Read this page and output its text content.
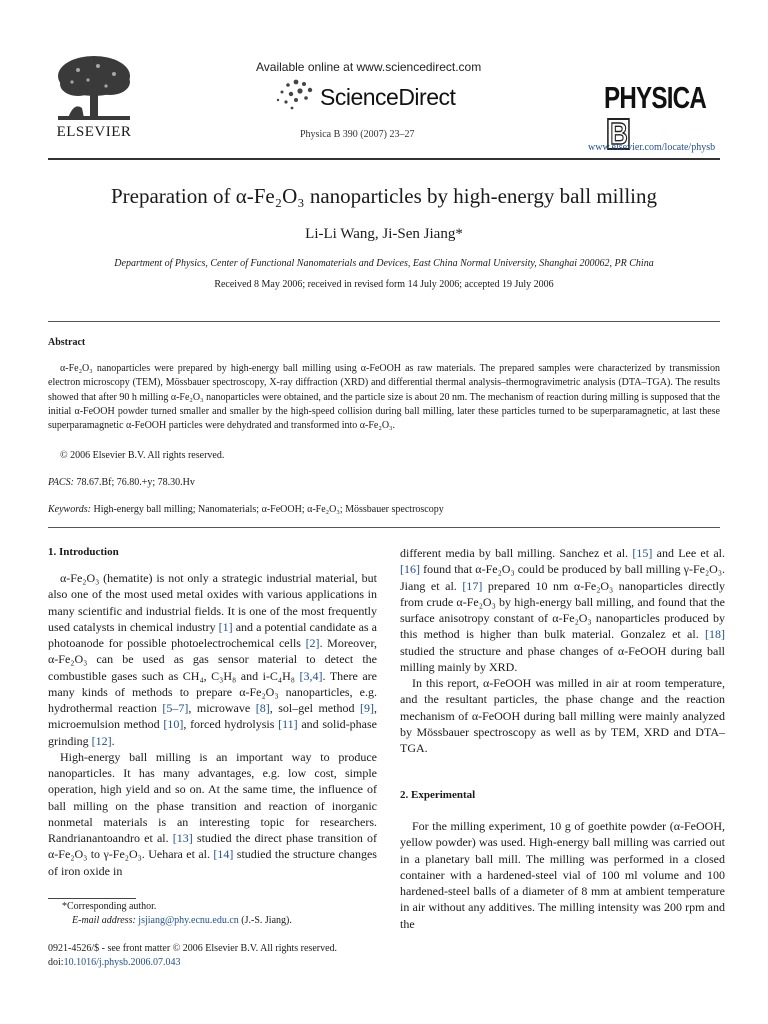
ELSEVIER
Available online at www.sciencedirect.com
ScienceDirect
Physica B 390 (2007) 23–27
PHYSICAB
www.elsevier.com/locate/physb
Preparation of α-Fe₂O₃ nanoparticles by high-energy ball milling
Li-Li Wang, Ji-Sen Jiang*
Department of Physics, Center of Functional Nanomaterials and Devices, East China Normal University, Shanghai 200062, PR China
Received 8 May 2006; received in revised form 14 July 2006; accepted 19 July 2006
Abstract
α-Fe₂O₃ nanoparticles were prepared by high-energy ball milling using α-FeOOH as raw materials. The prepared samples were characterized by transmission electron microscopy (TEM), Mössbauer spectroscopy, X-ray diffraction (XRD) and differential thermal analysis–thermogravimetric analysis (DTA–TGA). The results showed that after 90 h milling α-Fe₂O₃ nanoparticles were obtained, and the particle size is about 20 nm. The mechanism of reaction during milling is supposed that the initial α-FeOOH powder turned smaller and smaller by the high-speed collision during ball milling, later these particles turned to be superparamagnetic, at last these superparamagnetic α-FeOOH particles were dehydrated and transformed into α-Fe₂O₃.
© 2006 Elsevier B.V. All rights reserved.
PACS: 78.67.Bf; 76.80.+y; 78.30.Hv
Keywords: High-energy ball milling; Nanomaterials; α-FeOOH; α-Fe₂O₃; Mössbauer spectroscopy
1. Introduction

α-Fe₂O₃ (hematite) is not only a strategic industrial material, but also one of the most used metal oxides with various applications in many scientific and industrial fields. It is one of the most frequently used catalysts in chemical industry [1] and a potential candidate as a photoanode for possible photoelectrochemical cells [2]. Moreover, α-Fe₂O₃ can be used as gas sensor material to detect the combustible gases such as CH₄, C₃H₈ and i-C₄H₈ [3,4]. There are many kinds of methods to prepare α-Fe₂O₃ nanoparticles, e.g. hydrothermal reaction [5–7], microwave [8], sol–gel method [9], microemulsion method [10], forced hydrolysis [11] and solid-phase grinding [12].

High-energy ball milling is an important way to produce nanoparticles. It has many advantages, e.g. low cost, simple operation, high yield and so on. At the same time, the influence of ball milling on the phase transition and reaction of inorganic nonmetal materials is an interesting topic for researchers. Randrianantoandro et al. [13] studied the direct phase transition of α-Fe₂O₃ to γ-Fe₂O₃. Uehara et al. [14] studied the structure changes of iron oxide in

*Corresponding author.
E-mail address: jsjiang@phy.ecnu.edu.cn (J.-S. Jiang).
0921-4526/$ - see front matter © 2006 Elsevier B.V. All rights reserved.
doi:10.1016/j.physb.2006.07.043

different media by ball milling. Sanchez et al. [15] and Lee et al. [16] found that α-Fe₂O₃ could be produced by ball milling γ-Fe₂O₃. Jiang et al. [17] prepared 10 nm α-Fe₂O₃ nanoparticles directly from crude α-Fe₂O₃ by high-energy ball milling, and found that the surface anisotropy constant of α-Fe₂O₃ nanoparticles produced by this method is higher than bulk material. Gonzalez et al. [18] studied the structure and phase changes of α-FeOOH during ball milling mainly by XRD.

In this report, α-FeOOH was milled in air at room temperature, and the resultant particles, the phase change and the reaction mechanism of α-FeOOH during ball milling were mainly analyzed by Mössbauer spectroscopy as well as by TEM, XRD and DTA–TGA.

2. Experimental

For the milling experiment, 10 g of goethite powder (α-FeOOH, yellow powder) was used. High-energy ball milling was carried out in a planetary ball mill. The milling was performed in a closed container with a hardened-steel vial of 100 ml volume and 100 hardened-steel balls of a diameter of 8 mm at ambient temperature in air without any additives. The milling intensity was 200 rpm and the
